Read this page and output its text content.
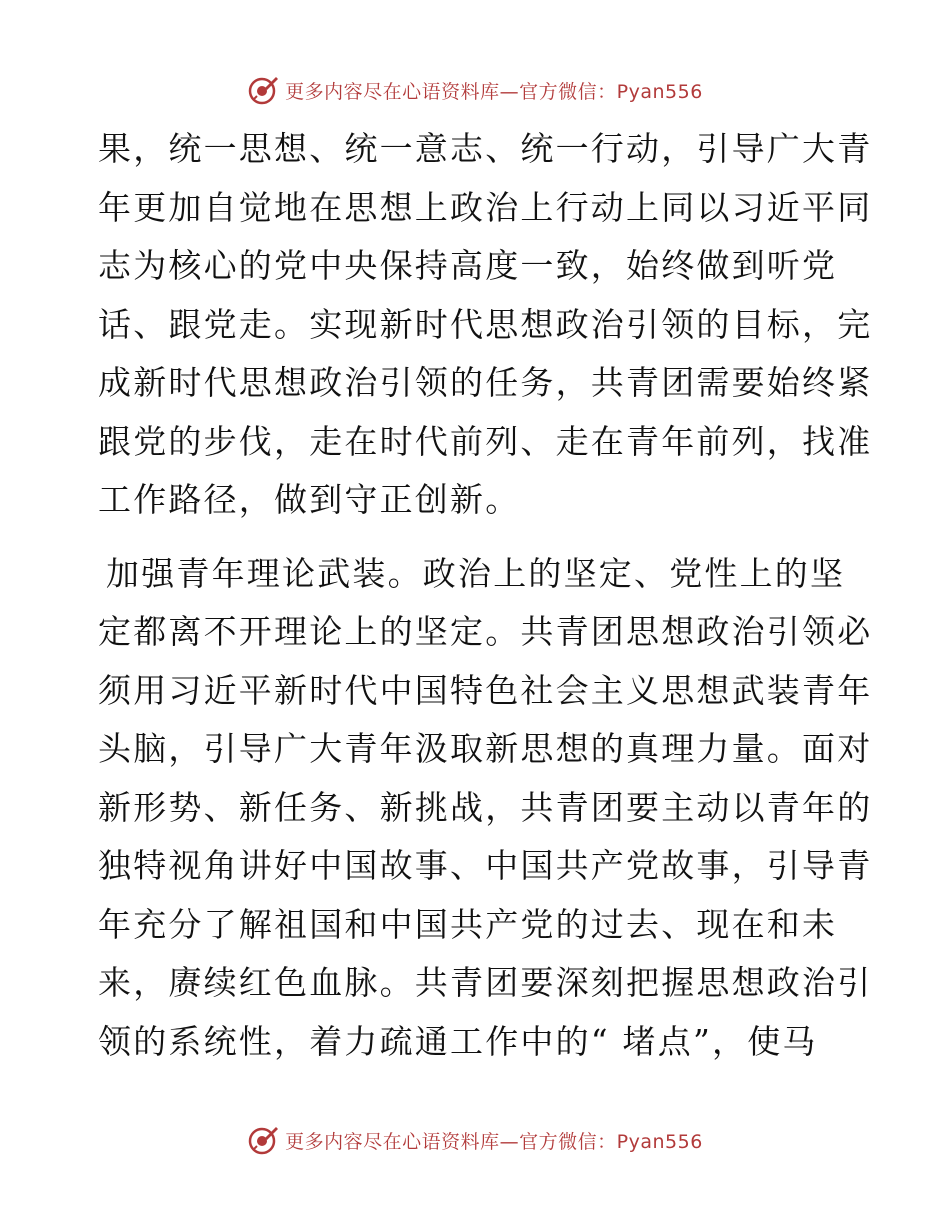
更多内容尽在心语资料库—官方微信：Pyan556
果，统一思想、统一意志、统一行动，引导广大青
年更加自觉地在思想上政治上行动上同以习近平同
志为核心的党中央保持高度一致，始终做到听党
话、跟党走。实现新时代思想政治引领的目标，完
成新时代思想政治引领的任务，共青团需要始终紧
跟党的步伐，走在时代前列、走在青年前列，找准
工作路径，做到守正创新。
加强青年理论武装。政治上的坚定、党性上的坚
定都离不开理论上的坚定。共青团思想政治引领必
须用习近平新时代中国特色社会主义思想武装青年
头脑，引导广大青年汲取新思想的真理力量。面对
新形势、新任务、新挑战，共青团要主动以青年的
独特视角讲好中国故事、中国共产党故事，引导青
年充分了解祖国和中国共产党的过去、现在和未
来，赓续红色血脉。共青团要深刻把握思想政治引
领的系统性，着力疏通工作中的“ 堵点”，使马
更多内容尽在心语资料库—官方微信：Pyan556
